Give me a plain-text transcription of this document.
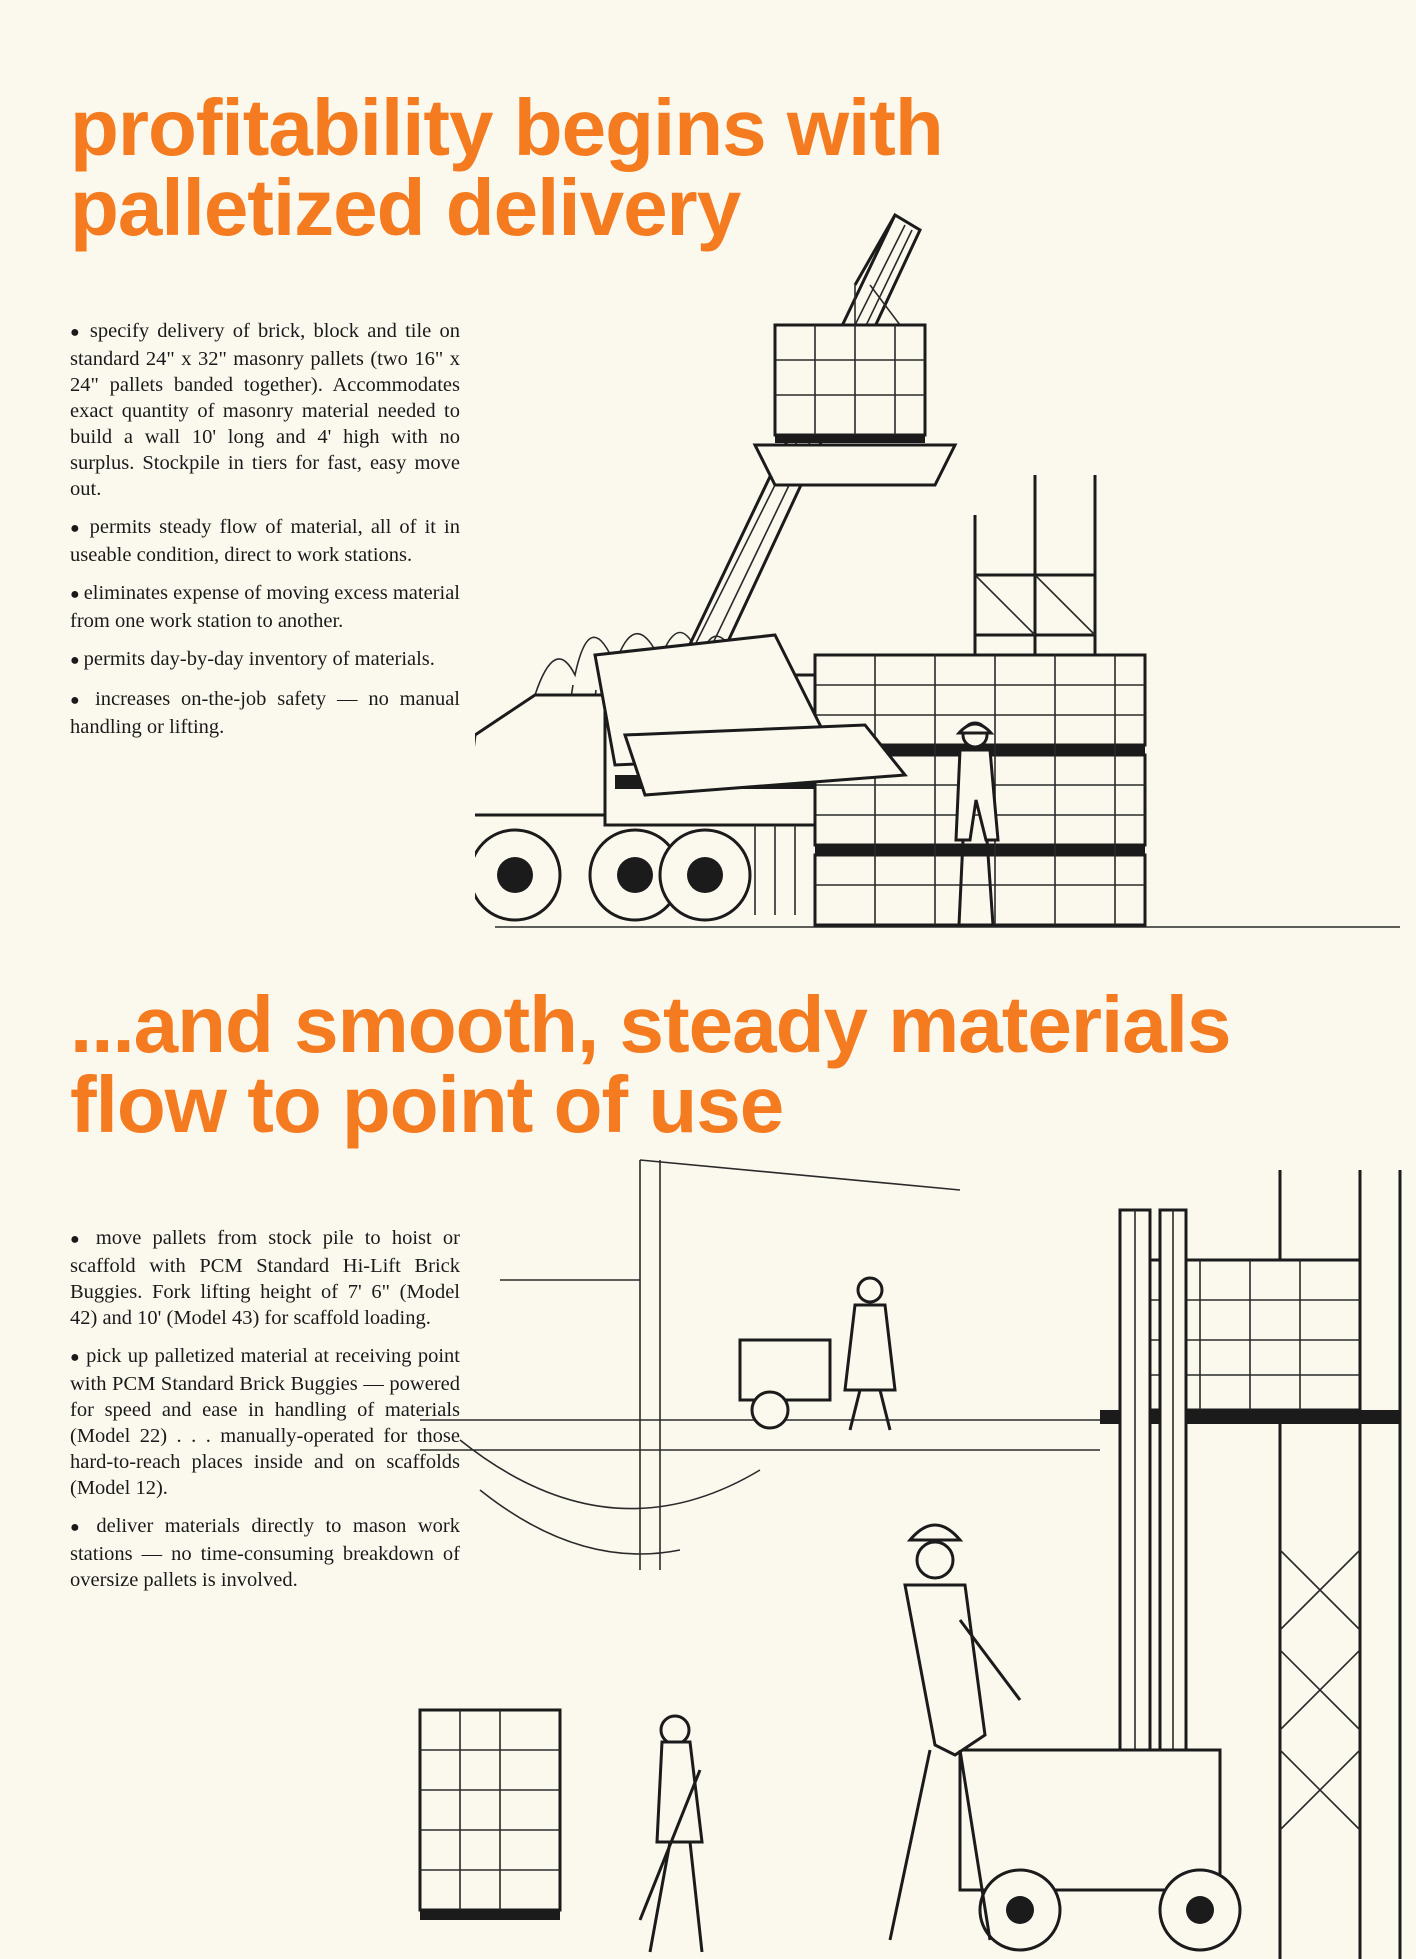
profitability begins with
palletized delivery
● specify delivery of brick, block and tile on standard 24" x 32" masonry pallets (two 16" x 24" pallets banded together). Accommodates exact quantity of masonry material needed to build a wall 10' long and 4' high with no surplus. Stockpile in tiers for fast, easy move out.
● permits steady flow of material, all of it in useable condition, direct to work stations.
● eliminates expense of moving excess material from one work station to another.
● permits day-by-day inventory of materials.
● increases on-the-job safety — no manual handling or lifting.
...and smooth, steady materials
flow to point of use
● move pallets from stock pile to hoist or scaffold with PCM Standard Hi-Lift Brick Buggies. Fork lifting height of 7' 6" (Model 42) and 10' (Model 43) for scaffold loading.
● pick up palletized material at receiving point with PCM Standard Brick Buggies — powered for speed and ease in handling of materials (Model 22) . . . manually-operated for those hard-to-reach places inside and on scaffolds (Model 12).
● deliver materials directly to mason work stations — no time-consuming breakdown of oversize pallets is involved.
